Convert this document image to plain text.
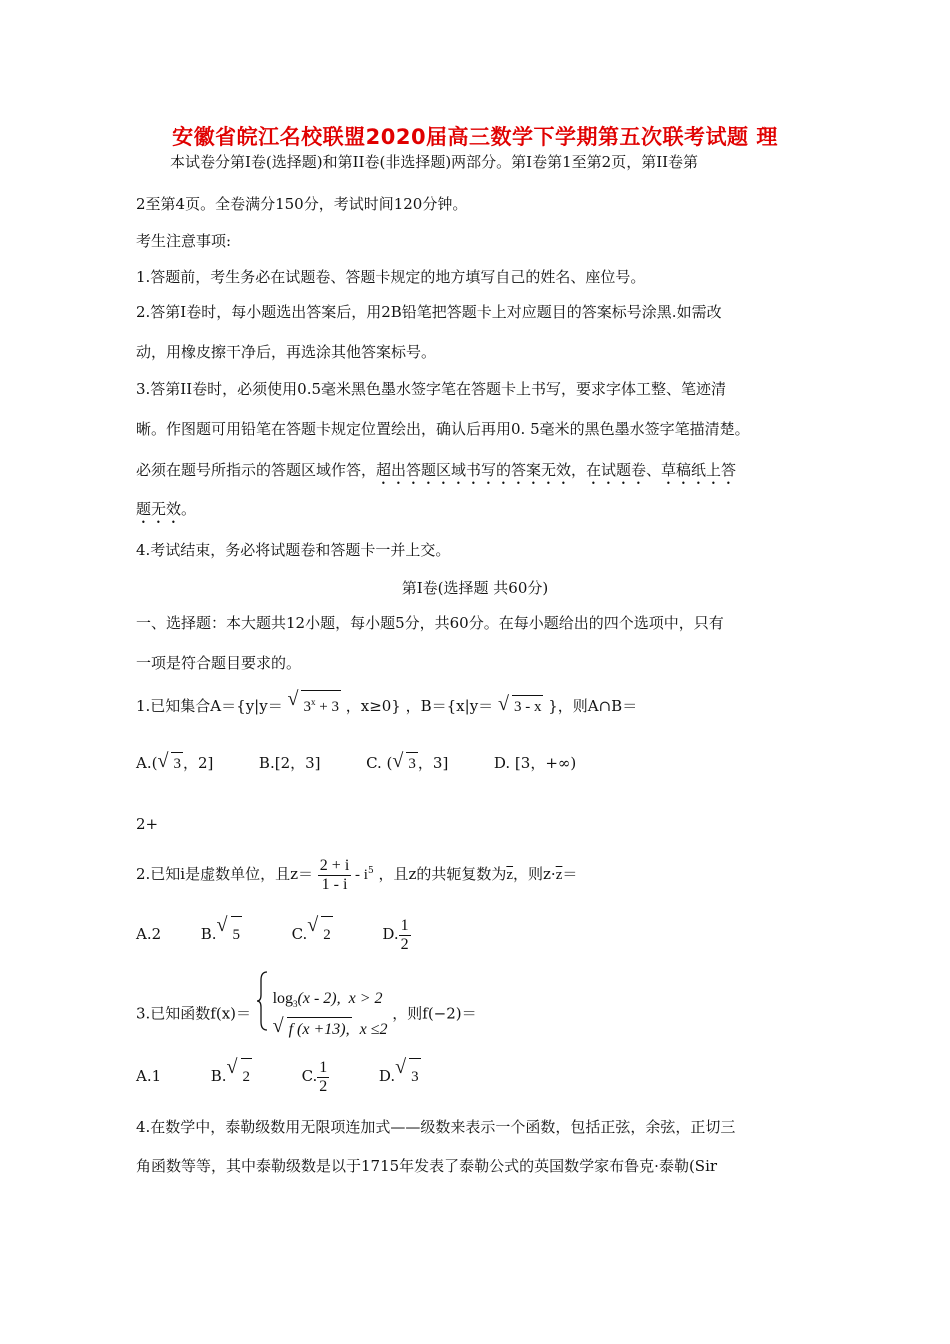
安徽省皖江名校联盟2020届高三数学下学期第五次联考试题 理
本试卷分第Ⅰ卷(选择题)和第II卷(非选择题)两部分。第Ⅰ卷第1至第2页，第II卷第
2至第4页。全卷满分150分，考试时间120分钟。
考生注意事项:
1.答题前，考生务必在试题卷、答题卡规定的地方填写自己的姓名、座位号。
2.答第Ⅰ卷时，每小题选出答案后，用2B铅笔把答题卡上对应题目的答案标号涂黑.如需改
动，用橡皮擦干净后，再选涂其他答案标号。
3.答第II卷时，必须使用0.5毫米黑色墨水签字笔在答题卡上书写，要求字体工整、笔迹清
晰。作图题可用铅笔在答题卡规定位置绘出，确认后再用0. 5毫米的黑色墨水签字笔描清楚。
必须在题号所指示的答题区域作答，超出答题区域书写的答案无效，在试题卷、草稿纸上答
题无效。
4.考试结束，务必将试题卷和答题卡一并上交。
第Ⅰ卷(选择题 共60分)
一、选择题：本大题共12小题，每小题5分，共60分。在每小题给出的四个选项中，只有
一项是符合题目要求的。
1.已知集合A＝{y|y＝ √ $3^x + 3$ ，x≥0} ，B＝{x|y＝ √ 3 - x }，则A∩B＝
A.( √ 3 ，2]	B.[2，3]	C. ( √ 3 ，3]	D. [3，+∞)
2+
2.已知i是虚数单位，且$z= \frac{2 + i}{1 - i} - i^5$ ，且z的共轭复数为$\overline{z}$，则$z\cdot\overline{z}=$
A.2	B. √ 5	C. √ 2	D. $\frac{1}{2}$
3.已知函数f(x)＝
$\log_3(x - 2)$, x > 2
√ f (x +13), x ≤2
，则f(−2)＝
A.1	B. √ 2	C. $\frac{1}{2}$	D. √ 3
4.在数学中，泰勒级数用无限项连加式——级数来表示一个函数，包括正弦，余弦，正切三
角函数等等，其中泰勒级数是以于1715年发表了泰勒公式的英国数学家布鲁克·泰勒(Sir
